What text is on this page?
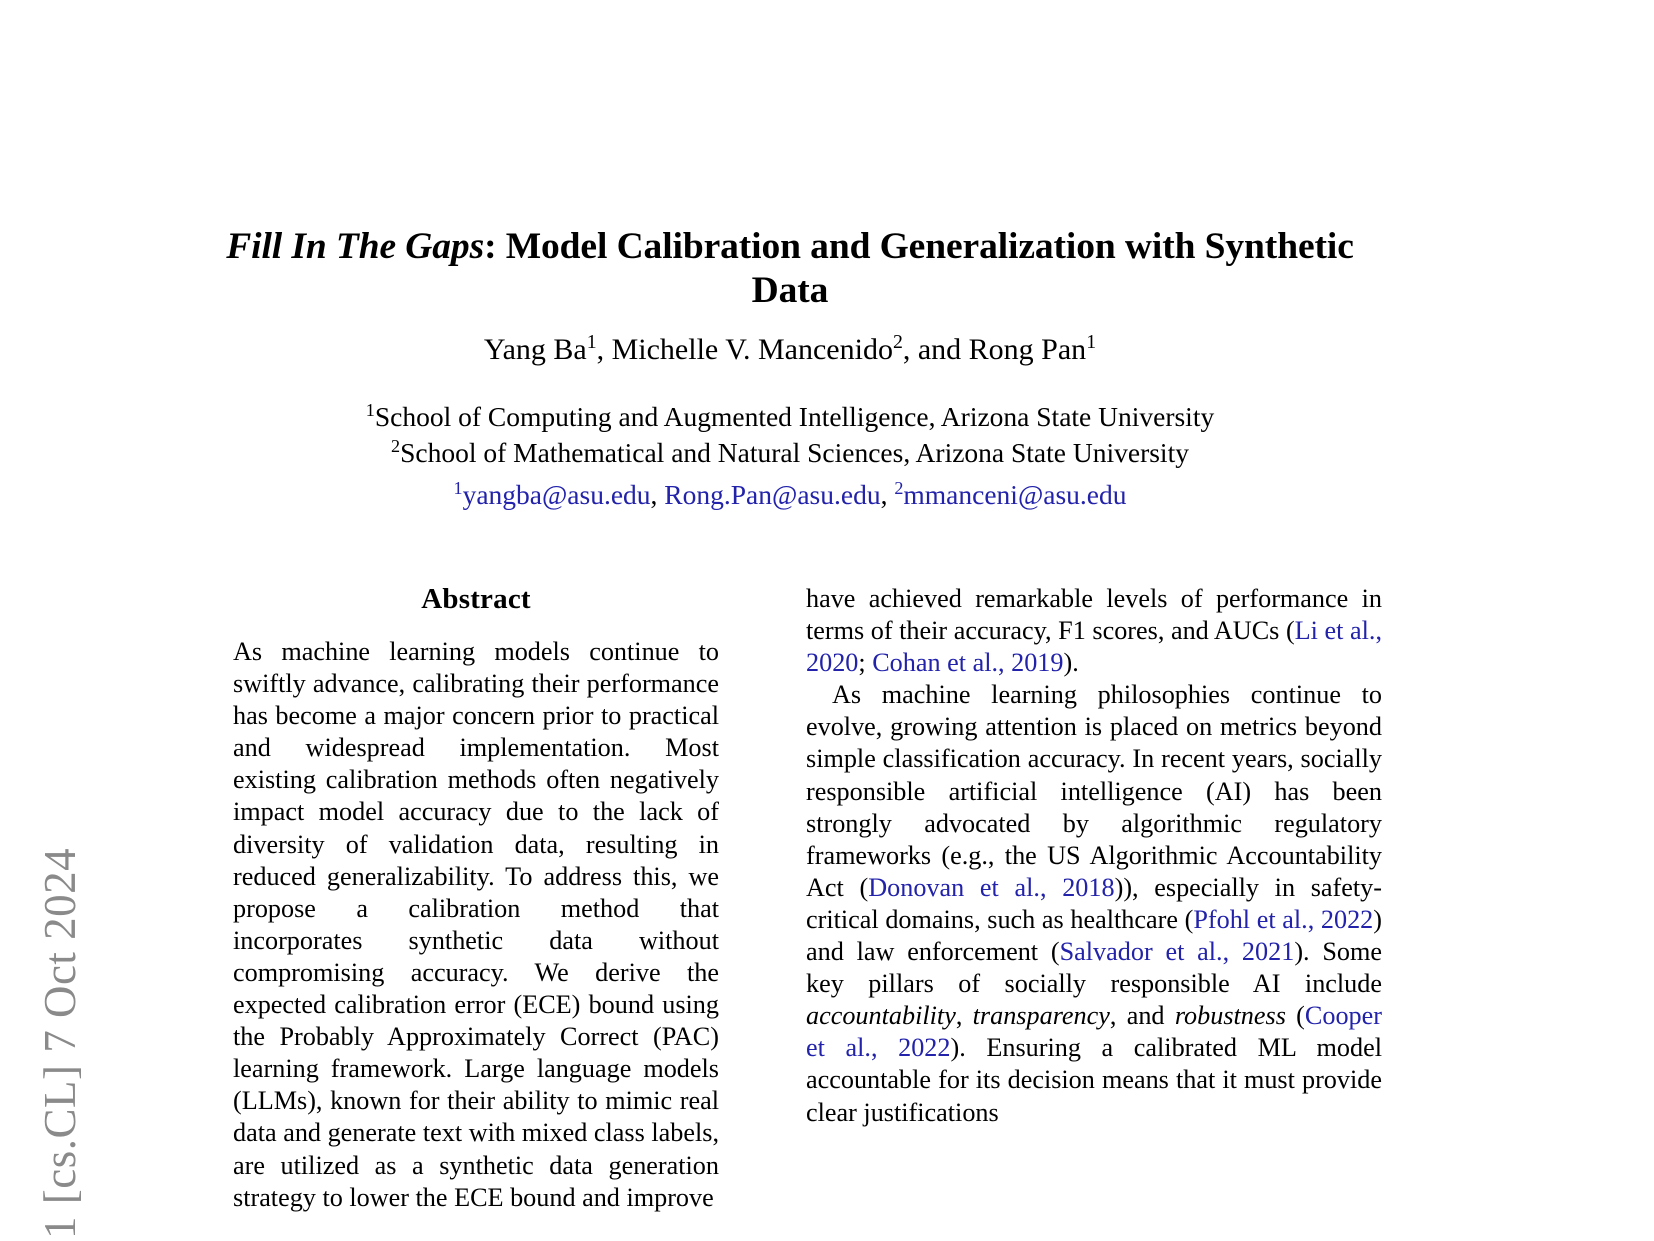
1 [cs.CL] 7 Oct 2024
Fill In The Gaps: Model Calibration and Generalization with Synthetic Data
Yang Ba$^1$, Michelle V. Mancenido$^2$, and Rong Pan$^1$
$^1$School of Computing and Augmented Intelligence, Arizona State University
$^2$School of Mathematical and Natural Sciences, Arizona State University
$^1$yangba@asu.edu, Rong.Pan@asu.edu, $^2$mmanceni@asu.edu
Abstract

As machine learning models continue to swiftly advance, calibrating their performance has become a major concern prior to practical and widespread implementation. Most existing calibration methods often negatively impact model accuracy due to the lack of diversity of validation data, resulting in reduced generalizability. To address this, we propose a calibration method that incorporates synthetic data without compromising accuracy. We derive the expected calibration error (ECE) bound using the Probably Approximately Correct (PAC) learning framework. Large language models (LLMs), known for their ability to mimic real data and generate text with mixed class labels, are utilized as a synthetic data generation strategy to lower the ECE bound and improve

have achieved remarkable levels of performance in terms of their accuracy, F1 scores, and AUCs (Li et al., 2020; Cohan et al., 2019).

As machine learning philosophies continue to evolve, growing attention is placed on metrics beyond simple classification accuracy. In recent years, socially responsible artificial intelligence (AI) has been strongly advocated by algorithmic regulatory frameworks (e.g., the US Algorithmic Accountability Act (Donovan et al., 2018)), especially in safety-critical domains, such as healthcare (Pfohl et al., 2022) and law enforcement (Salvador et al., 2021). Some key pillars of socially responsible AI include accountability, transparency, and robustness (Cooper et al., 2022). Ensuring a calibrated ML model accountable for its decision means that it must provide clear justifications
